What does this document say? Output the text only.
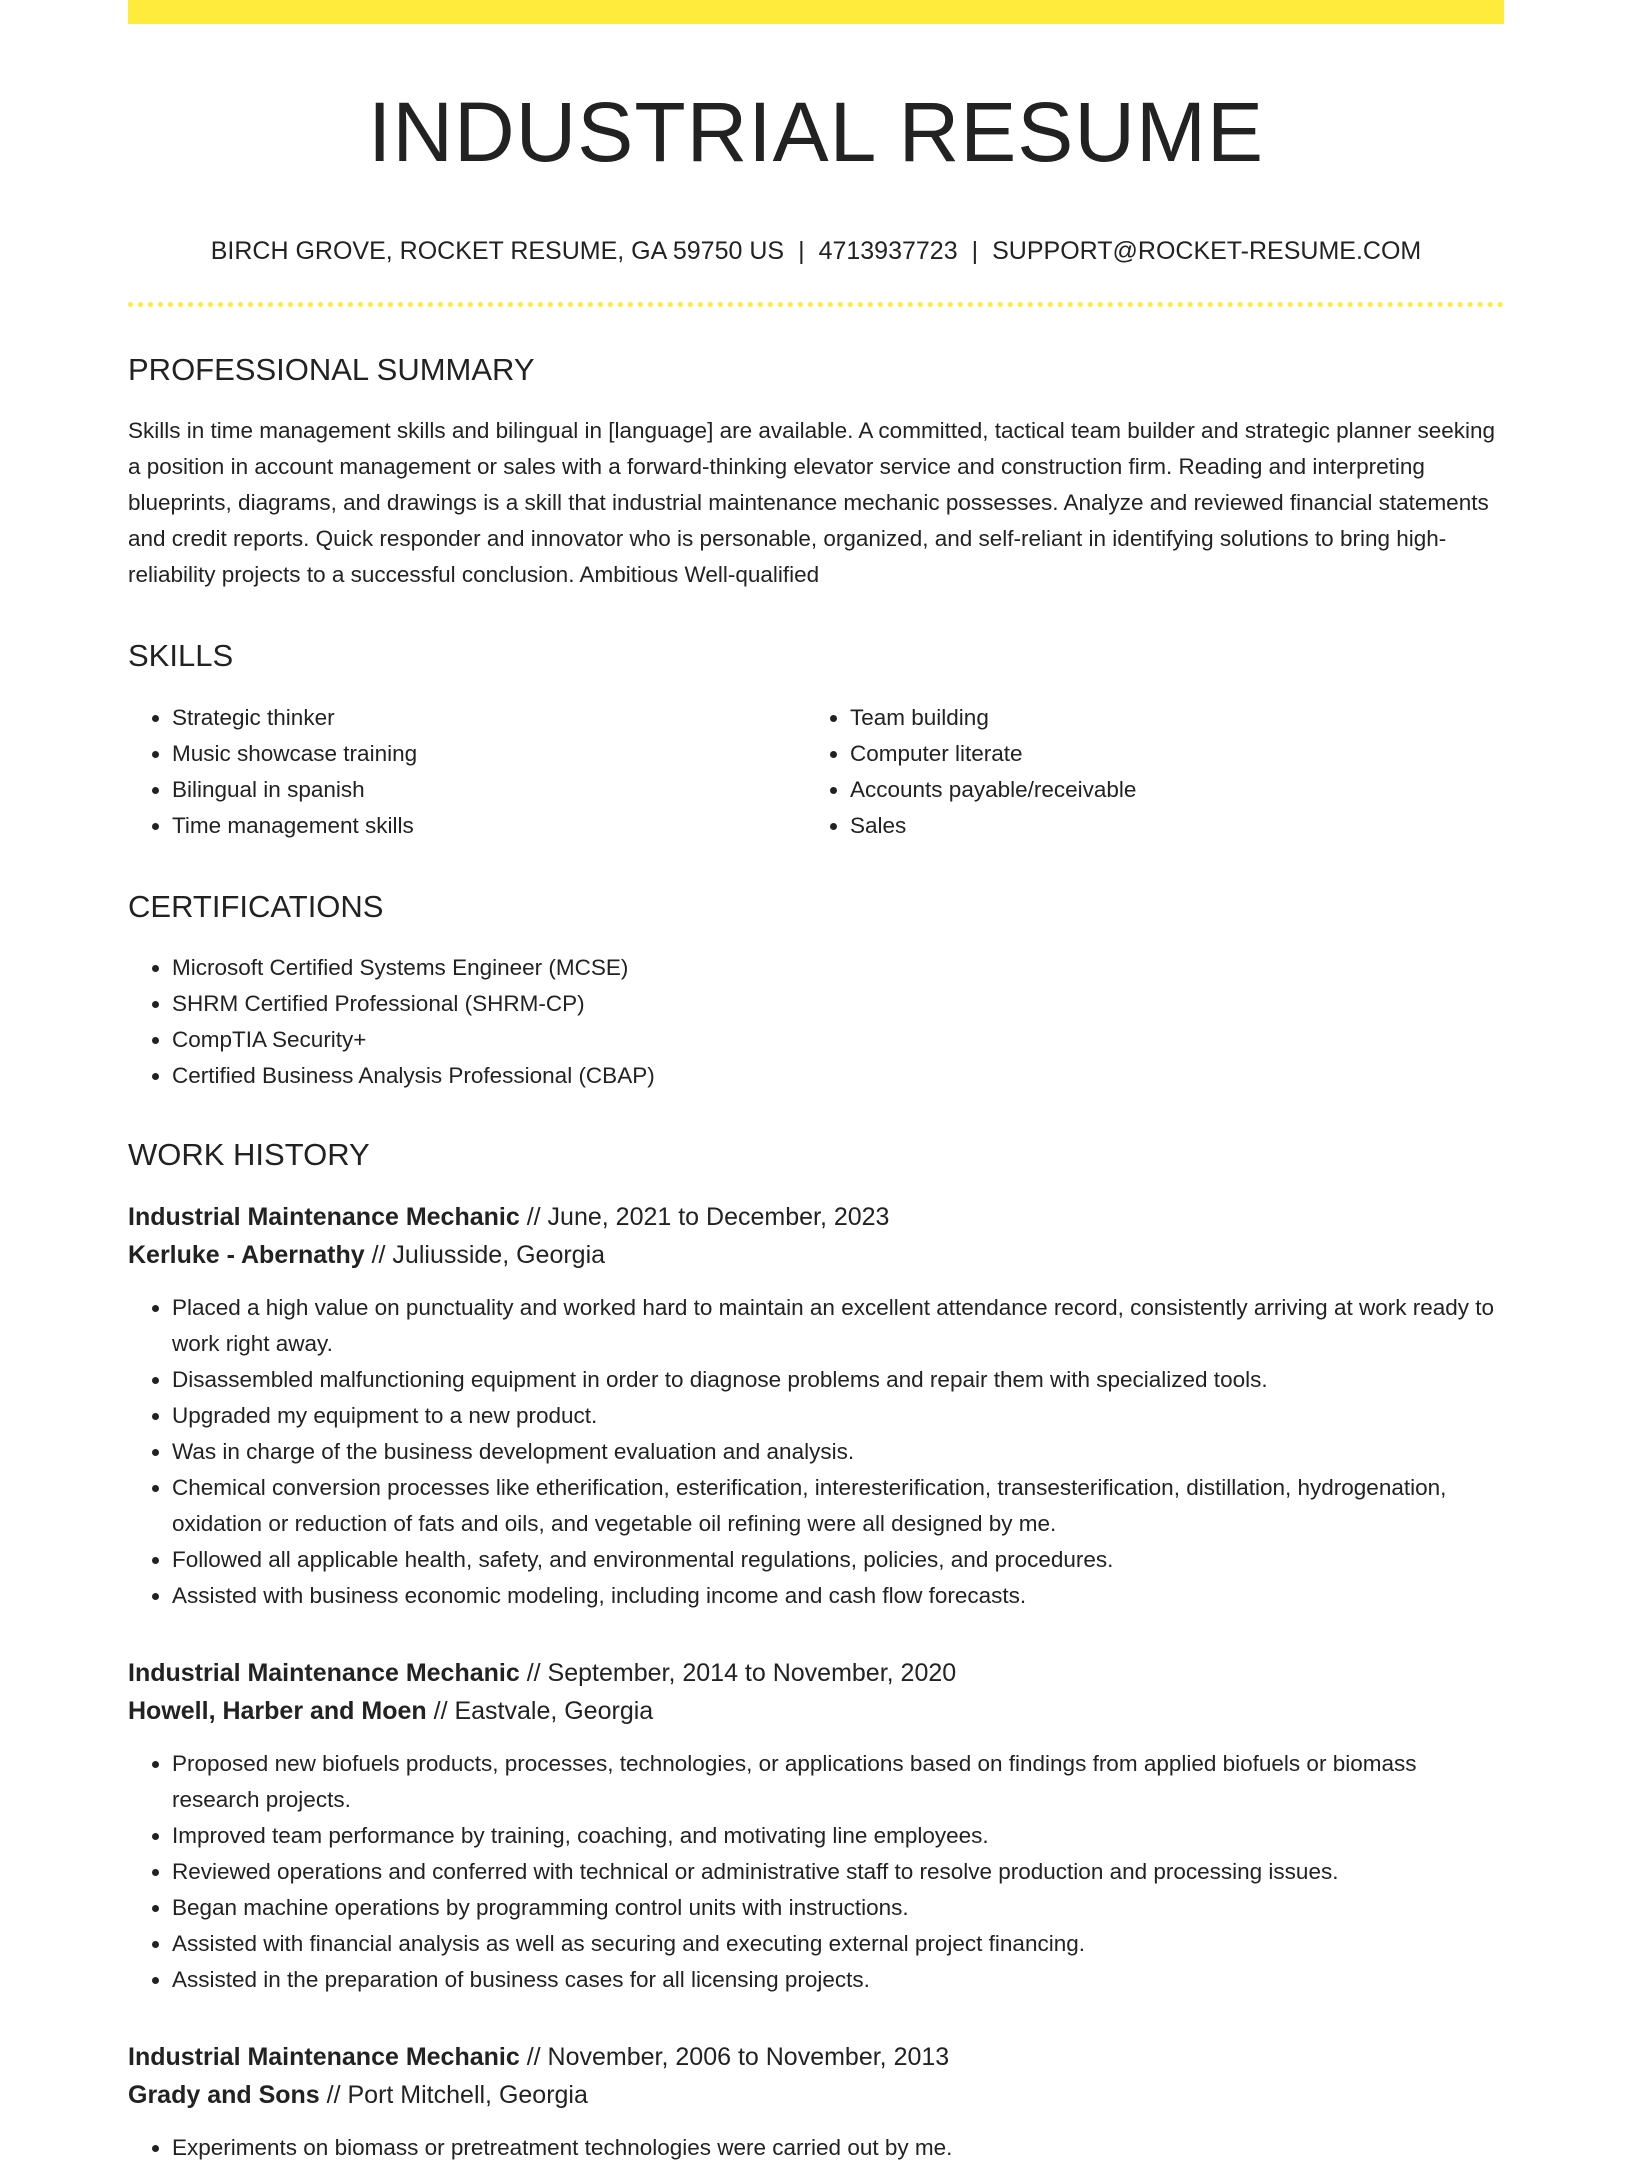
INDUSTRIAL RESUME
BIRCH GROVE, ROCKET RESUME, GA 59750 US | 4713937723 | SUPPORT@ROCKET-RESUME.COM
PROFESSIONAL SUMMARY

Skills in time management skills and bilingual in [language] are available. A committed, tactical team builder and strategic planner seeking a position in account management or sales with a forward-thinking elevator service and construction firm. Reading and interpreting blueprints, diagrams, and drawings is a skill that industrial maintenance mechanic possesses. Analyze and reviewed financial statements and credit reports. Quick responder and innovator who is personable, organized, and self-reliant in identifying solutions to bring high-reliability projects to a successful conclusion. Ambitious Well-qualified

SKILLS
• Strategic thinker
• Music showcase training
• Bilingual in spanish
• Time management skills
• Team building
• Computer literate
• Accounts payable/receivable
• Sales
CERTIFICATIONS
• Microsoft Certified Systems Engineer (MCSE)
• SHRM Certified Professional (SHRM-CP)
• CompTIA Security+
• Certified Business Analysis Professional (CBAP)
WORK HISTORY
Industrial Maintenance Mechanic // June, 2021 to December, 2023
Kerluke - Abernathy // Juliusside, Georgia
• Placed a high value on punctuality and worked hard to maintain an excellent attendance record, consistently arriving at work ready to work right away.
• Disassembled malfunctioning equipment in order to diagnose problems and repair them with specialized tools.
• Upgraded my equipment to a new product.
• Was in charge of the business development evaluation and analysis.
• Chemical conversion processes like etherification, esterification, interesterification, transesterification, distillation, hydrogenation, oxidation or reduction of fats and oils, and vegetable oil refining were all designed by me.
• Followed all applicable health, safety, and environmental regulations, policies, and procedures.
• Assisted with business economic modeling, including income and cash flow forecasts.
Industrial Maintenance Mechanic // September, 2014 to November, 2020
Howell, Harber and Moen // Eastvale, Georgia
• Proposed new biofuels products, processes, technologies, or applications based on findings from applied biofuels or biomass research projects.
• Improved team performance by training, coaching, and motivating line employees.
• Reviewed operations and conferred with technical or administrative staff to resolve production and processing issues.
• Began machine operations by programming control units with instructions.
• Assisted with financial analysis as well as securing and executing external project financing.
• Assisted in the preparation of business cases for all licensing projects.
Industrial Maintenance Mechanic // November, 2006 to November, 2013
Grady and Sons // Port Mitchell, Georgia
• Experiments on biomass or pretreatment technologies were carried out by me.
